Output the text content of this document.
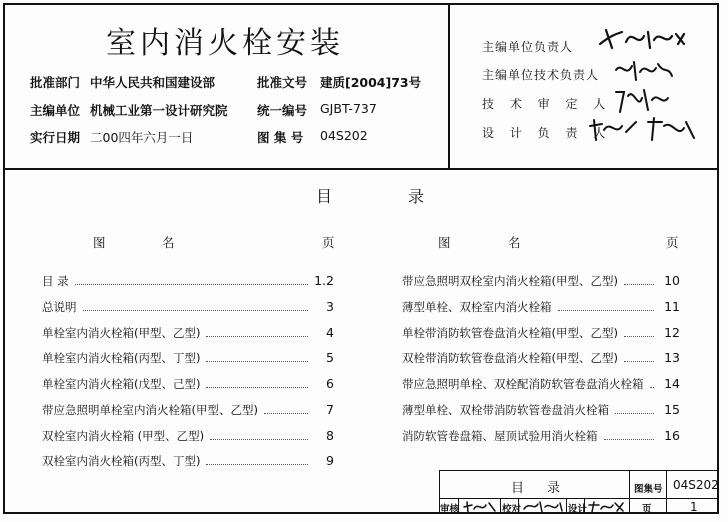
室内消火栓安装
批准部门 中华人民共和国建设部	批准文号 建质[2004]73号
主编单位 机械工业第一设计研究院 统一编号 GJBT-737
实行日期 二00四年六月一日	图 集 号 04S202
主编单位负责人
主编单位技术负责人
技 术 审 定 人
设 计 负 责 人
目	录
图	名	页	图	名	页
目 录	1.2
总说明	3
单栓室内消火栓箱(甲型、乙型)	4
单栓室内消火栓箱(丙型、丁型)	5
单栓室内消火栓箱(戊型、己型)	6
带应急照明单栓室内消火栓箱(甲型、乙型)	7
双栓室内消火栓箱 (甲型、乙型)	8
双栓室内消火栓箱(丙型、丁型)	9
带应急照明双栓室内消火栓箱(甲型、乙型)	10
薄型单栓、双栓室内消火栓箱	11
单栓带消防软管卷盘消火栓箱(甲型、乙型)	12
双栓带消防软管卷盘消火栓箱(甲型、乙型)	13
带应急照明单栓、双栓配消防软管卷盘消火栓箱	14
薄型单栓、双栓带消防软管卷盘消火栓箱	15
消防软管卷盘箱、屋顶试验用消火栓箱	16
目 录	图集号 04S202
审核	校对	设计	页	1
